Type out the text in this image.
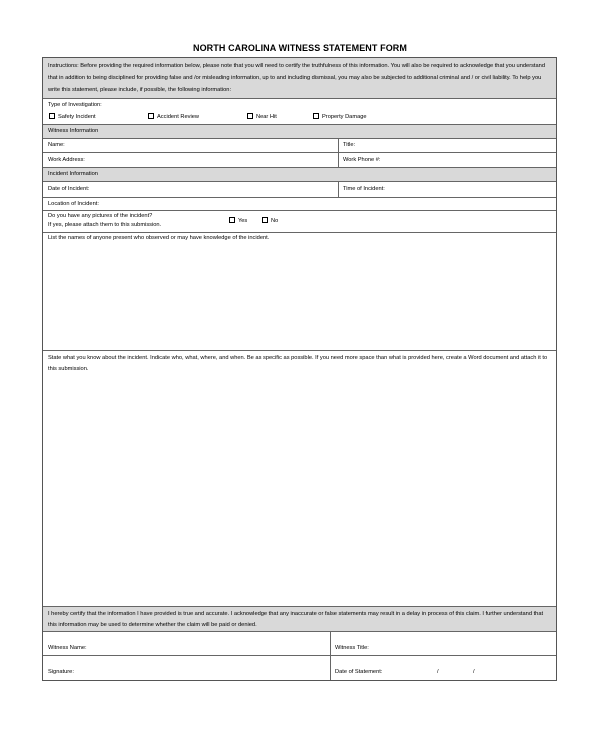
NORTH CAROLINA WITNESS STATEMENT FORM
Instructions: Before providing the required information below, please note that you will need to certify the truthfulness of this information. You will also be required to acknowledge that you understand that in addition to being disciplined for providing false and /or misleading information, up to and including dismissal, you may also be subjected to additional criminal and / or civil liability. To help you write this statement, please include, if possible, the following information:
Type of Investigation:
Safety Incident	Accident Review	Near Hit	Property Damage
Witness Information
Name:	Title:
Work Address:	Work Phone #:
Incident Information
Date of Incident:	Time of Incident:
Location of Incident:
Do you have any pictures of the incident?
If yes, please attach them to this submission.
Yes	No
List the names of anyone present who observed or may have knowledge of the incident.
State what you know about the incident. Indicate who, what, where, and when. Be as specific as possible. If you need more space than what is provided here, create a Word document and attach it to this submission.
I hereby certify that the information I have provided is true and accurate. I acknowledge that any inaccurate or false statements may result in a delay in process of this claim. I further understand that this information may be used to determine whether the claim will be paid or denied.
Witness Name:	Witness Title:
Signature:	Date of Statement:	/	/
